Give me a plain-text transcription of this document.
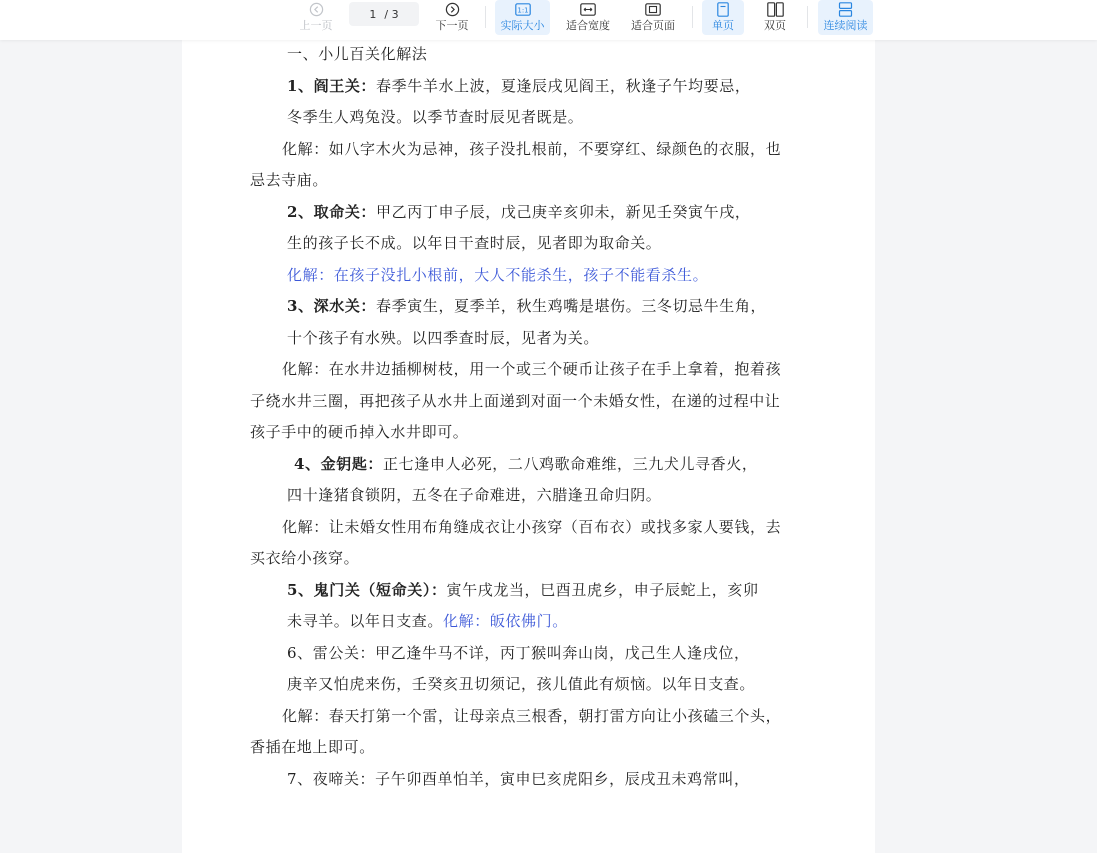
上一页
1 / 3
下一页
1:1
实际大小 适合宽度 适合页面	单页	双页	连续阅读
一、小儿百关化解法
1、阎王关：春季牛羊水上波，夏逢辰戌见阎王，秋逢子午均要忌，
冬季生人鸡兔没。以季节查时辰见者既是。
化解：如八字木火为忌神，孩子没扎根前，不要穿红、绿颜色的衣服，也
忌去寺庙。
2、取命关：甲乙丙丁申子辰，戊己庚辛亥卯未，新见壬癸寅午戌，
生的孩子长不成。以年日干查时辰，见者即为取命关。
化解：在孩子没扎小根前，大人不能杀生，孩子不能看杀生。
3、深水关：春季寅生，夏季羊，秋生鸡嘴是堪伤。三冬切忌牛生角，
十个孩子有水殃。以四季查时辰，见者为关。
化解：在水井边插柳树枝，用一个或三个硬币让孩子在手上拿着，抱着孩
子绕水井三圈，再把孩子从水井上面递到对面一个未婚女性，在递的过程中让
孩子手中的硬币掉入水井即可。
4、金钥匙：正七逢申人必死，二八鸡歌命难维，三九犬儿寻香火，
四十逢猪食锁阴，五冬在子命难进，六腊逢丑命归阴。
化解：让未婚女性用布角缝成衣让小孩穿（百布衣）或找多家人要钱，去
买衣给小孩穿。
5、鬼门关（短命关）：寅午戌龙当，巳酉丑虎乡，申子辰蛇上，亥卯
未寻羊。以年日支查。化解：皈依佛门。
6、雷公关：甲乙逢牛马不详，丙丁猴叫奔山岗，戊己生人逢戌位，
庚辛又怕虎来伤，壬癸亥丑切须记，孩儿值此有烦恼。以年日支查。
化解：春天打第一个雷，让母亲点三根香，朝打雷方向让小孩磕三个头，
香插在地上即可。
7、夜啼关：子午卯酉单怕羊，寅申巳亥虎阳乡，辰戌丑未鸡常叫，
